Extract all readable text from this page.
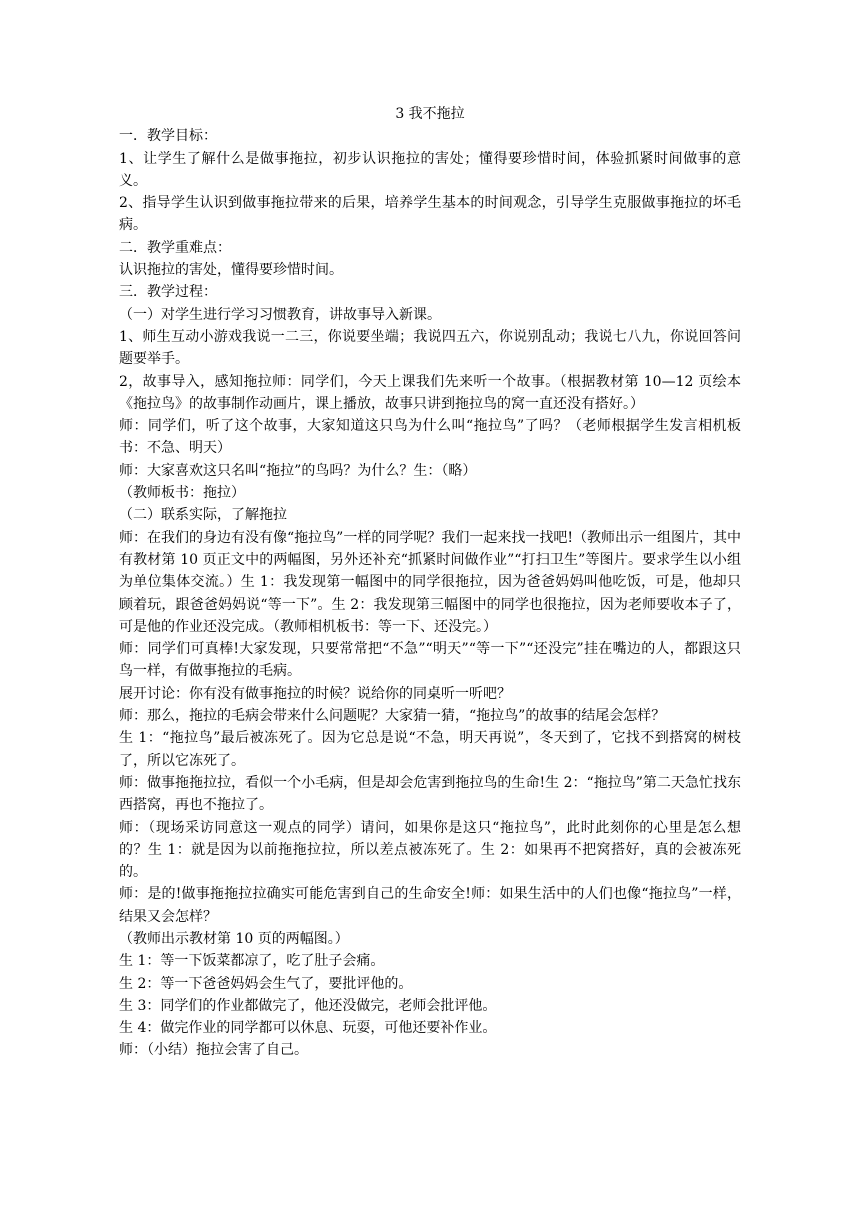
3 我不拖拉

一．教学目标：

1、让学生了解什么是做事拖拉，初步认识拖拉的害处；懂得要珍惜时间，体验抓紧时间做事的意义。

2、指导学生认识到做事拖拉带来的后果，培养学生基本的时间观念，引导学生克服做事拖拉的坏毛病。

二．教学重难点：

认识拖拉的害处，懂得要珍惜时间。

三．教学过程：

（一）对学生进行学习习惯教育，讲故事导入新课。

1、师生互动小游戏我说一二三，你说要坐端；我说四五六，你说别乱动；我说七八九，你说回答问题要举手。

2，故事导入，感知拖拉师：同学们，今天上课我们先来听一个故事。（根据教材第 10—12 页绘本《拖拉鸟》的故事制作动画片，课上播放，故事只讲到拖拉鸟的窝一直还没有搭好。）

师：同学们，听了这个故事，大家知道这只鸟为什么叫“拖拉鸟”了吗？（老师根据学生发言相机板书：不急、明天）

师：大家喜欢这只名叫“拖拉”的鸟吗？为什么？生：（略）

（教师板书：拖拉）

（二）联系实际，了解拖拉

师：在我们的身边有没有像“拖拉鸟”一样的同学呢？我们一起来找一找吧!（教师出示一组图片，其中有教材第 10 页正文中的两幅图，另外还补充“抓紧时间做作业”“打扫卫生”等图片。要求学生以小组为单位集体交流。）生 1：我发现第一幅图中的同学很拖拉，因为爸爸妈妈叫他吃饭，可是，他却只顾着玩，跟爸爸妈妈说“等一下”。生 2：我发现第三幅图中的同学也很拖拉，因为老师要收本子了，可是他的作业还没完成。（教师相机板书：等一下、还没完。）

师：同学们可真棒!大家发现，只要常常把“不急”“明天”“等一下”“还没完”挂在嘴边的人，都跟这只鸟一样，有做事拖拉的毛病。

展开讨论：你有没有做事拖拉的时候？说给你的同桌听一听吧？

师：那么，拖拉的毛病会带来什么问题呢？大家猜一猜，“拖拉鸟”的故事的结尾会怎样？

生 1：“拖拉鸟”最后被冻死了。因为它总是说“不急，明天再说”，冬天到了，它找不到搭窝的树枝了，所以它冻死了。

师：做事拖拖拉拉，看似一个小毛病，但是却会危害到拖拉鸟的生命!生 2：“拖拉鸟”第二天急忙找东西搭窝，再也不拖拉了。

师：（现场采访同意这一观点的同学）请问，如果你是这只“拖拉鸟”，此时此刻你的心里是怎么想的？生 1：就是因为以前拖拖拉拉，所以差点被冻死了。生 2：如果再不把窝搭好，真的会被冻死的。

师：是的!做事拖拖拉拉确实可能危害到自己的生命安全!师：如果生活中的人们也像“拖拉鸟”一样，结果又会怎样？

（教师出示教材第 10 页的两幅图。）

生 1：等一下饭菜都凉了，吃了肚子会痛。

生 2：等一下爸爸妈妈会生气了，要批评他的。

生 3：同学们的作业都做完了，他还没做完，老师会批评他。

生 4：做完作业的同学都可以休息、玩耍，可他还要补作业。

师：（小结）拖拉会害了自己。
